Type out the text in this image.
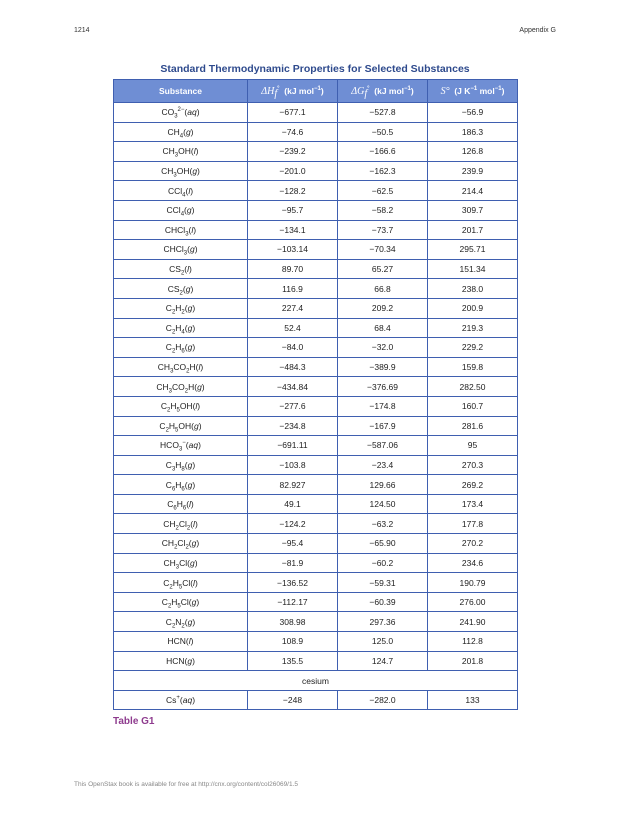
1214	Appendix G
Standard Thermodynamic Properties for Selected Substances
Substance	$\Delta H_f^\circ$ (kJ mol$^{-1}$)	$\Delta G_f^\circ$ (kJ mol$^{-1}$)	S° (J $K^{-1}$ mol$^{-1}$)
$CO_3^{2-}(aq)$	−677.1	−527.8	−56.9
$CH_4(g)$	−74.6	−50.5	186.3
$CH_3OH(l)$	−239.2	−166.6	126.8
$CH_3OH(g)$	−201.0	−162.3	239.9
CCl$_4$(l)	−128.2	−62.5	214.4
CCl$_4$(g)	−95.7	−58.2	309.7
CHCl$_3$(l)	−134.1	−73.7	201.7
CHCl$_3$(g)	−103.14	−70.34	295.71
$CS_2(l)$	89.70	65.27	151.34
$CS_2(g)$	116.9	66.8	238.0
$C_2H_2(g)$	227.4	209.2	200.9
$C_2H_4(g)$	52.4	68.4	219.3
$C_2H_6(g)$	−84.0	−32.0	229.2
$CH_3CO_2H(l)$	−484.3	−389.9	159.8
$CH_3CO_2H(g)$	−434.84	−376.69	282.50
$C_2H_5OH(l)$	−277.6	−174.8	160.7
$C_2H_5OH(g)$	−234.8	−167.9	281.6
$HCO_3^-(aq)$	−691.11	−587.06	95
$C_3H_8(g)$	−103.8	−23.4	270.3
$C_6H_6(g)$	82.927	129.66	269.2
$C_6H_6(l)$	49.1	124.50	173.4
$CH_2Cl_2(l)$	−124.2	−63.2	177.8
$CH_2Cl_2(g)$	−95.4	−65.90	270.2
$CH_3Cl(g)$	−81.9	−60.2	234.6
$C_2H_5Cl(l)$	−136.52	−59.31	190.79
$C_2H_5Cl(g)$	−112.17	−60.39	276.00
$C_2N_2(g)$	308.98	297.36	241.90
HCN(l)	108.9	125.0	112.8
HCN(g)	135.5	124.7	201.8
cesium			
Cs+(aq)	−248	−282.0	133
Table G1
This OpenStax book is available for free at http://cnx.org/content/col26069/1.5
